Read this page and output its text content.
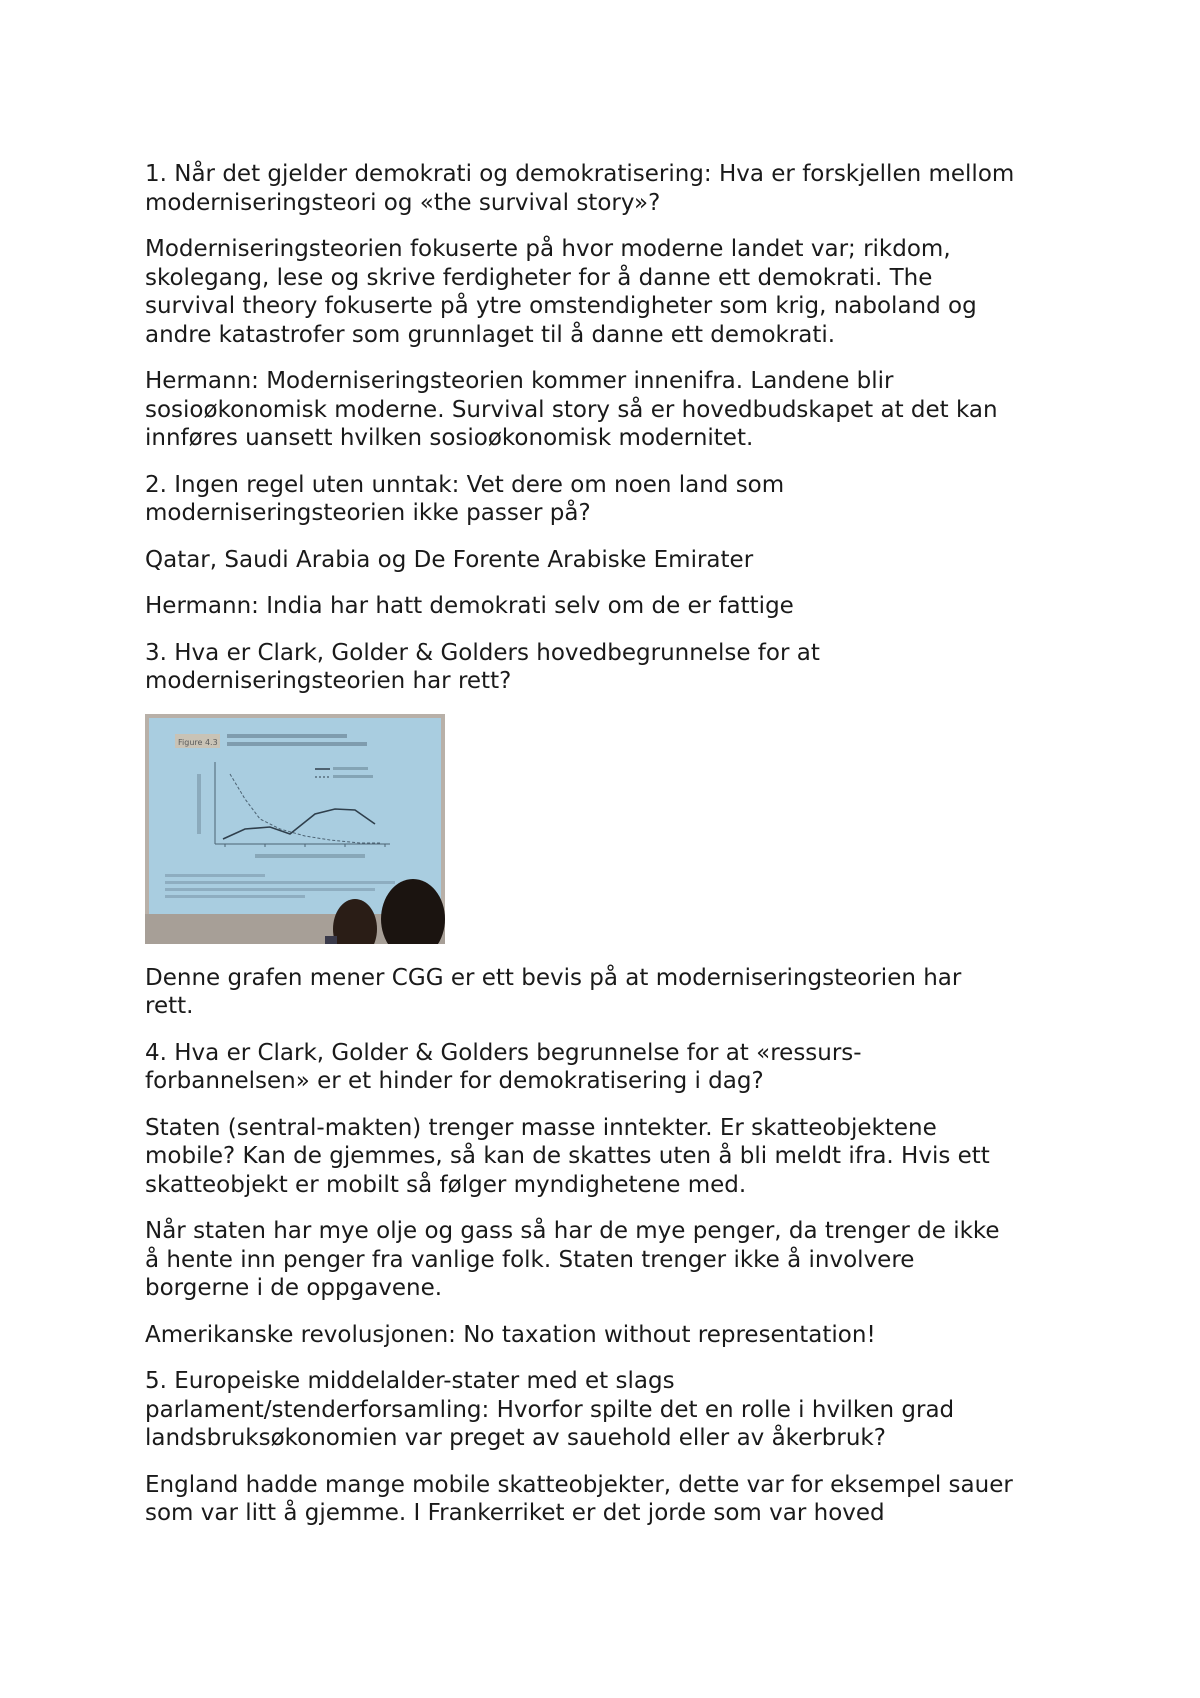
1. Når det gjelder demokrati og demokratisering: Hva er forskjellen mellom
moderniseringsteori og «the survival story»?

Moderniseringsteorien fokuserte på hvor moderne landet var; rikdom,
skolegang, lese og skrive ferdigheter for å danne ett demokrati. The
survival theory fokuserte på ytre omstendigheter som krig, naboland og
andre katastrofer som grunnlaget til å danne ett demokrati.

Hermann: Moderniseringsteorien kommer innenifra. Landene blir
sosioøkonomisk moderne. Survival story så er hovedbudskapet at det kan
innføres uansett hvilken sosioøkonomisk modernitet.

2. Ingen regel uten unntak: Vet dere om noen land som
moderniseringsteorien ikke passer på?

Qatar, Saudi Arabia og De Forente Arabiske Emirater

Hermann: India har hatt demokrati selv om de er fattige

3. Hva er Clark, Golder & Golders hovedbegrunnelse for at
moderniseringsteorien har rett?

Figure 4.3

Denne grafen mener CGG er ett bevis på at moderniseringsteorien har
rett.

4. Hva er Clark, Golder & Golders begrunnelse for at «ressurs-
forbannelsen» er et hinder for demokratisering i dag?

Staten (sentral-makten) trenger masse inntekter. Er skatteobjektene
mobile? Kan de gjemmes, så kan de skattes uten å bli meldt ifra. Hvis ett
skatteobjekt er mobilt så følger myndighetene med.

Når staten har mye olje og gass så har de mye penger, da trenger de ikke
å hente inn penger fra vanlige folk. Staten trenger ikke å involvere
borgerne i de oppgavene.

Amerikanske revolusjonen: No taxation without representation!

5. Europeiske middelalder-stater med et slags
parlament/stenderforsamling: Hvorfor spilte det en rolle i hvilken grad
landsbruksøkonomien var preget av sauehold eller av åkerbruk?

England hadde mange mobile skatteobjekter, dette var for eksempel sauer
som var litt å gjemme. I Frankerriket er det jorde som var hoved
